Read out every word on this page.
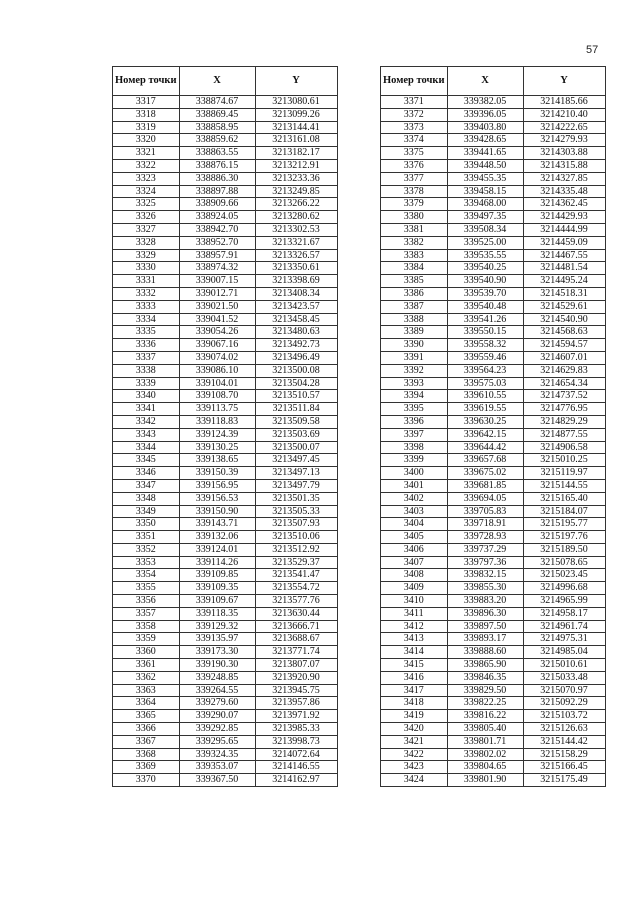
57
Номер точки	X	Y
3317	338874.67	3213080.61
3318	338869.45	3213099.26
3319	338858.95	3213144.41
3320	338859.62	3213161.08
3321	338863.55	3213182.17
3322	338876.15	3213212.91
3323	338886.30	3213233.36
3324	338897.88	3213249.85
3325	338909.66	3213266.22
3326	338924.05	3213280.62
3327	338942.70	3213302.53
3328	338952.70	3213321.67
3329	338957.91	3213326.57
3330	338974.32	3213350.61
3331	339007.15	3213398.69
3332	339012.71	3213408.34
3333	339021.50	3213423.57
3334	339041.52	3213458.45
3335	339054.26	3213480.63
3336	339067.16	3213492.73
3337	339074.02	3213496.49
3338	339086.10	3213500.08
3339	339104.01	3213504.28
3340	339108.70	3213510.57
3341	339113.75	3213511.84
3342	339118.83	3213509.58
3343	339124.39	3213503.69
3344	339130.25	3213500.07
3345	339138.65	3213497.45
3346	339150.39	3213497.13
3347	339156.95	3213497.79
3348	339156.53	3213501.35
3349	339150.90	3213505.33
3350	339143.71	3213507.93
3351	339132.06	3213510.06
3352	339124.01	3213512.92
3353	339114.26	3213529.37
3354	339109.85	3213541.47
3355	339109.35	3213554.72
3356	339109.67	3213577.76
3357	339118.35	3213630.44
3358	339129.32	3213666.71
3359	339135.97	3213688.67
3360	339173.30	3213771.74
3361	339190.30	3213807.07
3362	339248.85	3213920.90
3363	339264.55	3213945.75
3364	339279.60	3213957.86
3365	339290.07	3213971.92
3366	339292.85	3213985.33
3367	339295.65	3213998.73
3368	339324.35	3214072.64
3369	339353.07	3214146.55
3370	339367.50	3214162.97
Номер точки	X	Y
3371	339382.05	3214185.66
3372	339396.05	3214210.40
3373	339403.80	3214222.65
3374	339428.65	3214279.93
3375	339441.65	3214303.88
3376	339448.50	3214315.88
3377	339455.35	3214327.85
3378	339458.15	3214335.48
3379	339468.00	3214362.45
3380	339497.35	3214429.93
3381	339508.34	3214444.99
3382	339525.00	3214459.09
3383	339535.55	3214467.55
3384	339540.25	3214481.54
3385	339540.90	3214495.24
3386	339539.70	3214518.31
3387	339540.48	3214529.61
3388	339541.26	3214540.90
3389	339550.15	3214568.63
3390	339558.32	3214594.57
3391	339559.46	3214607.01
3392	339564.23	3214629.83
3393	339575.03	3214654.34
3394	339610.55	3214737.52
3395	339619.55	3214776.95
3396	339630.25	3214829.29
3397	339642.15	3214877.55
3398	339644.42	3214906.58
3399	339657.68	3215010.25
3400	339675.02	3215119.97
3401	339681.85	3215144.55
3402	339694.05	3215165.40
3403	339705.83	3215184.07
3404	339718.91	3215195.77
3405	339728.93	3215197.76
3406	339737.29	3215189.50
3407	339797.36	3215078.65
3408	339832.15	3215023.45
3409	339855.30	3214996.68
3410	339883.20	3214965.99
3411	339896.30	3214958.17
3412	339897.50	3214961.74
3413	339893.17	3214975.31
3414	339888.60	3214985.04
3415	339865.90	3215010.61
3416	339846.35	3215033.48
3417	339829.50	3215070.97
3418	339822.25	3215092.29
3419	339816.22	3215103.72
3420	339805.40	3215126.63
3421	339801.71	3215144.42
3422	339802.02	3215158.29
3423	339804.65	3215166.45
3424	339801.90	3215175.49
